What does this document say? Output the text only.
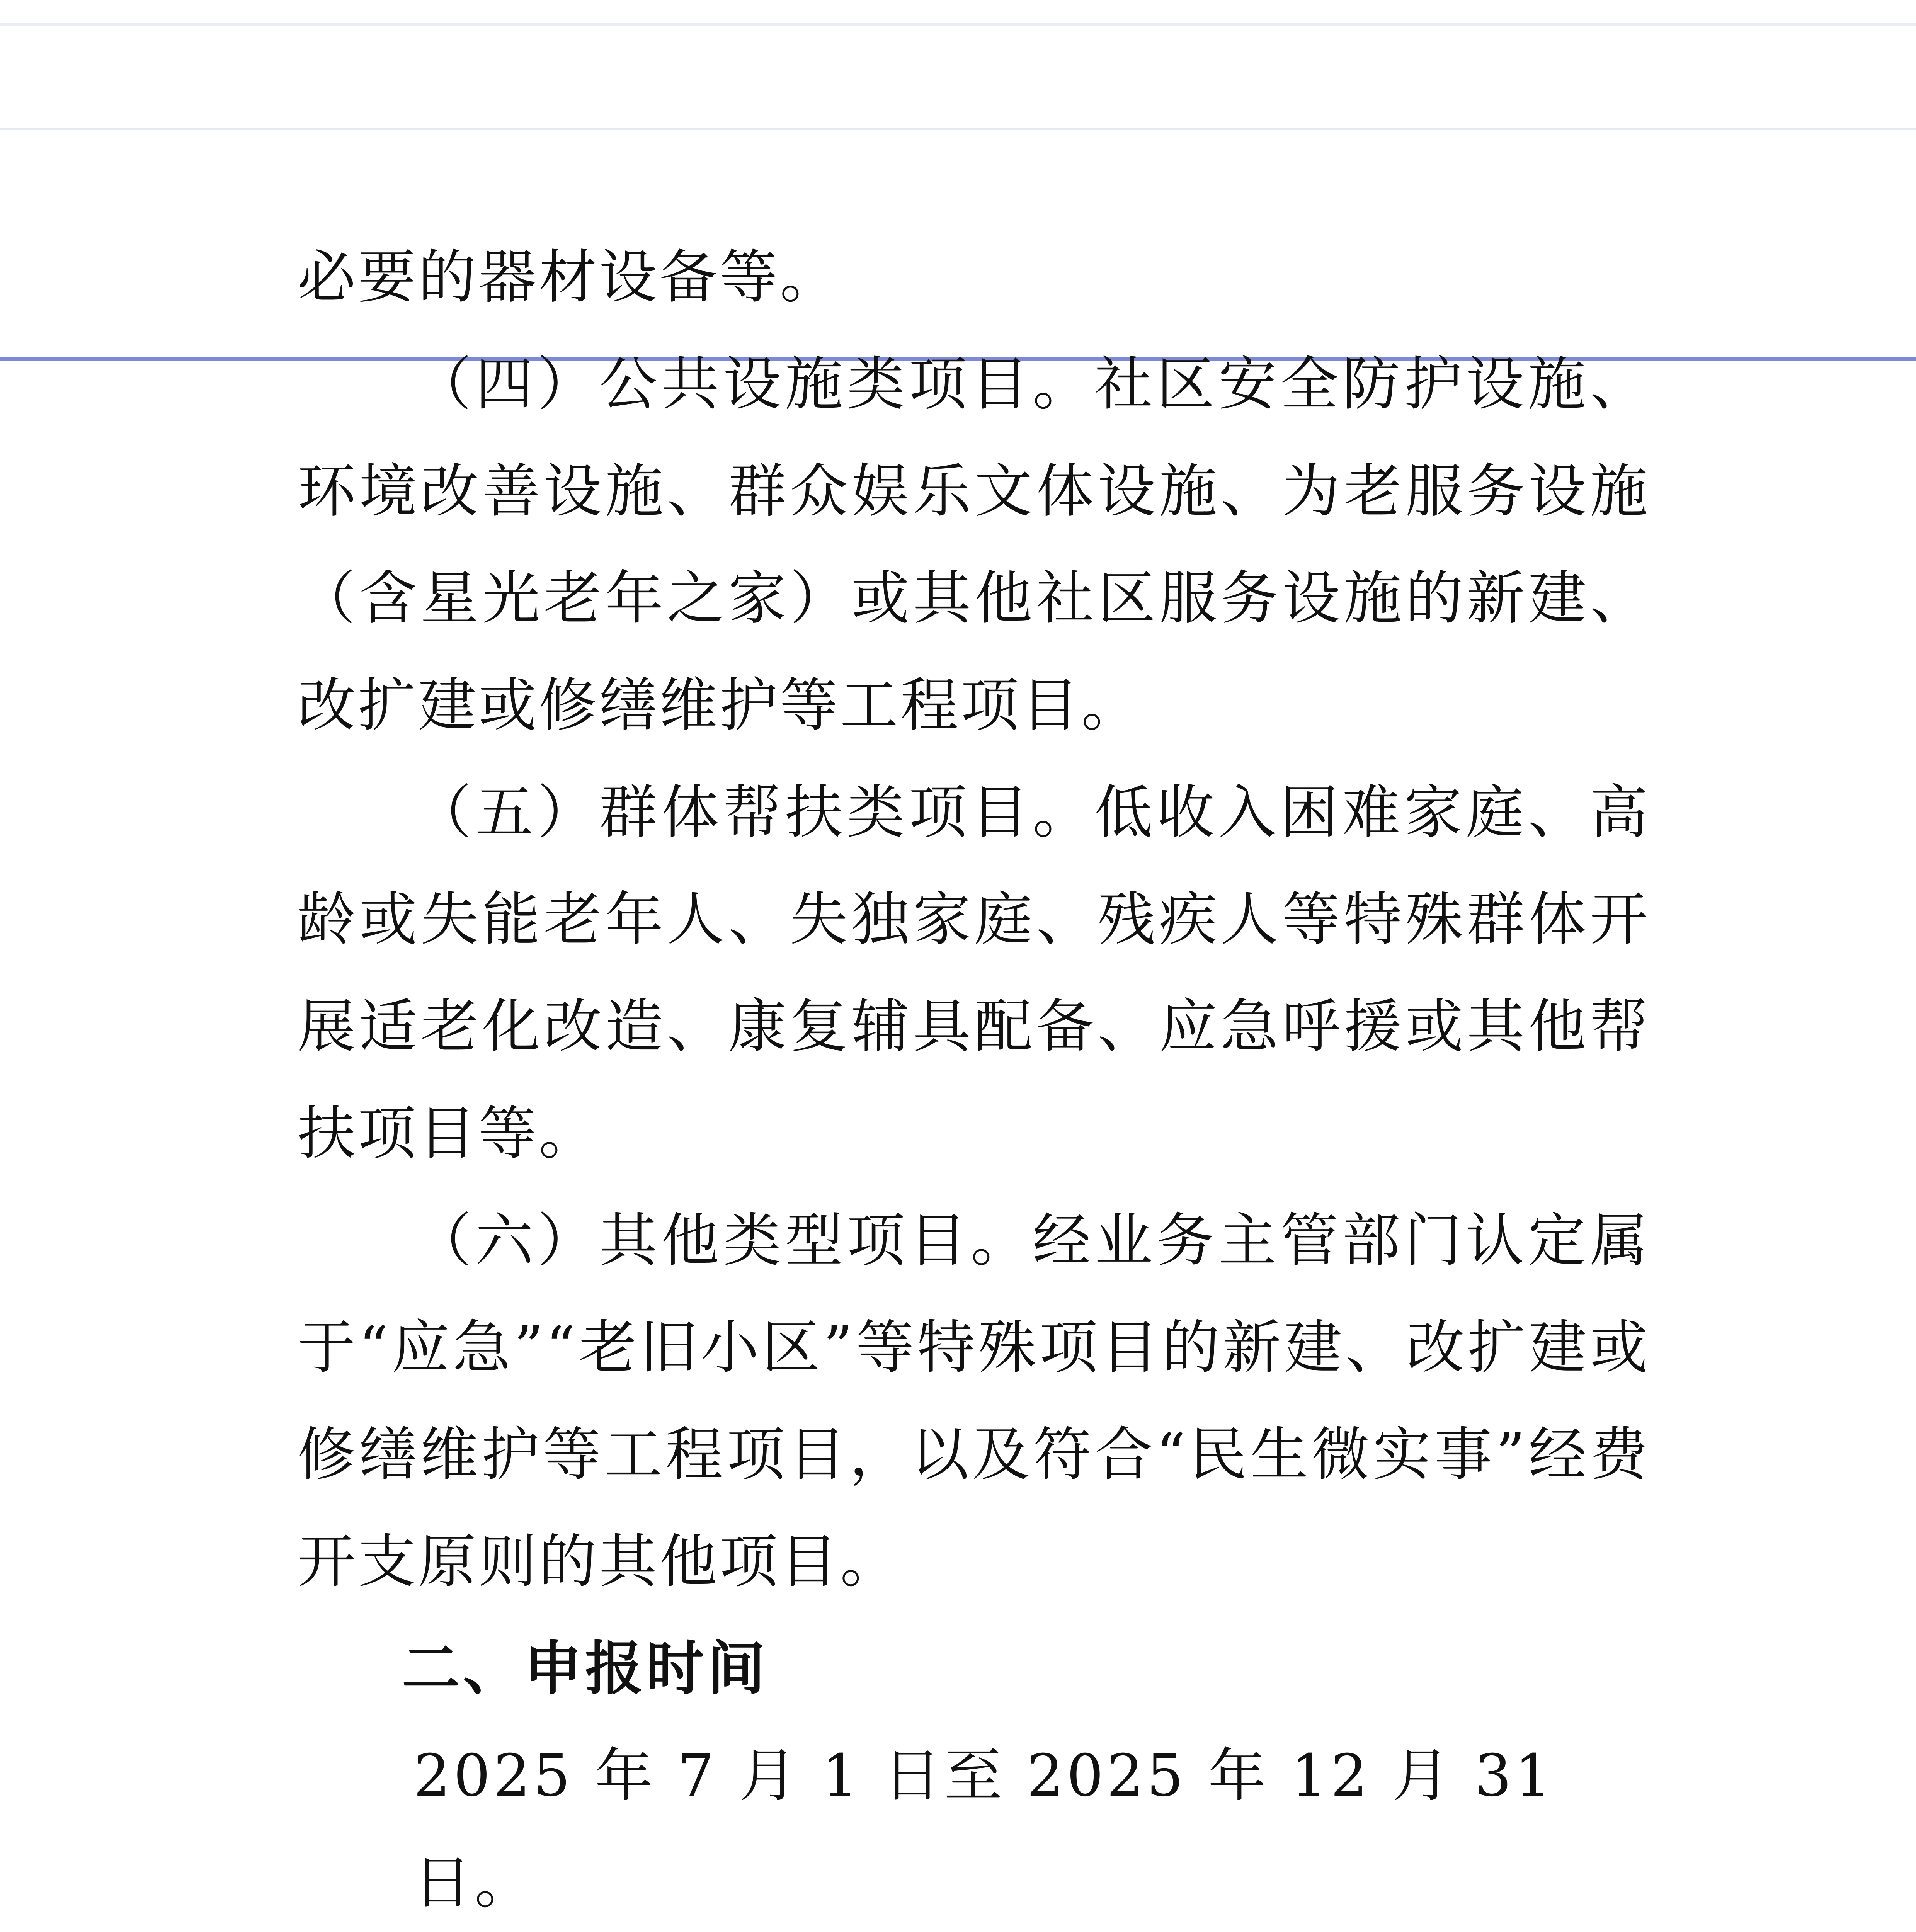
必要的器材设备等。

（四）公共设施类项目。社区安全防护设施、环境改善设施、群众娱乐文体设施、为老服务设施（含星光老年之家）或其他社区服务设施的新建、改扩建或修缮维护等工程项目。

（五）群体帮扶类项目。低收入困难家庭、高龄或失能老年人、失独家庭、残疾人等特殊群体开展适老化改造、康复辅具配备、应急呼援或其他帮扶项目等。

（六）其他类型项目。经业务主管部门认定属于“应急”“老旧小区”等特殊项目的新建、改扩建或修缮维护等工程项目，以及符合“民生微实事”经费开支原则的其他项目。

二、申报时间

2025 年 7 月 1 日至 2025 年 12 月 31 日。
